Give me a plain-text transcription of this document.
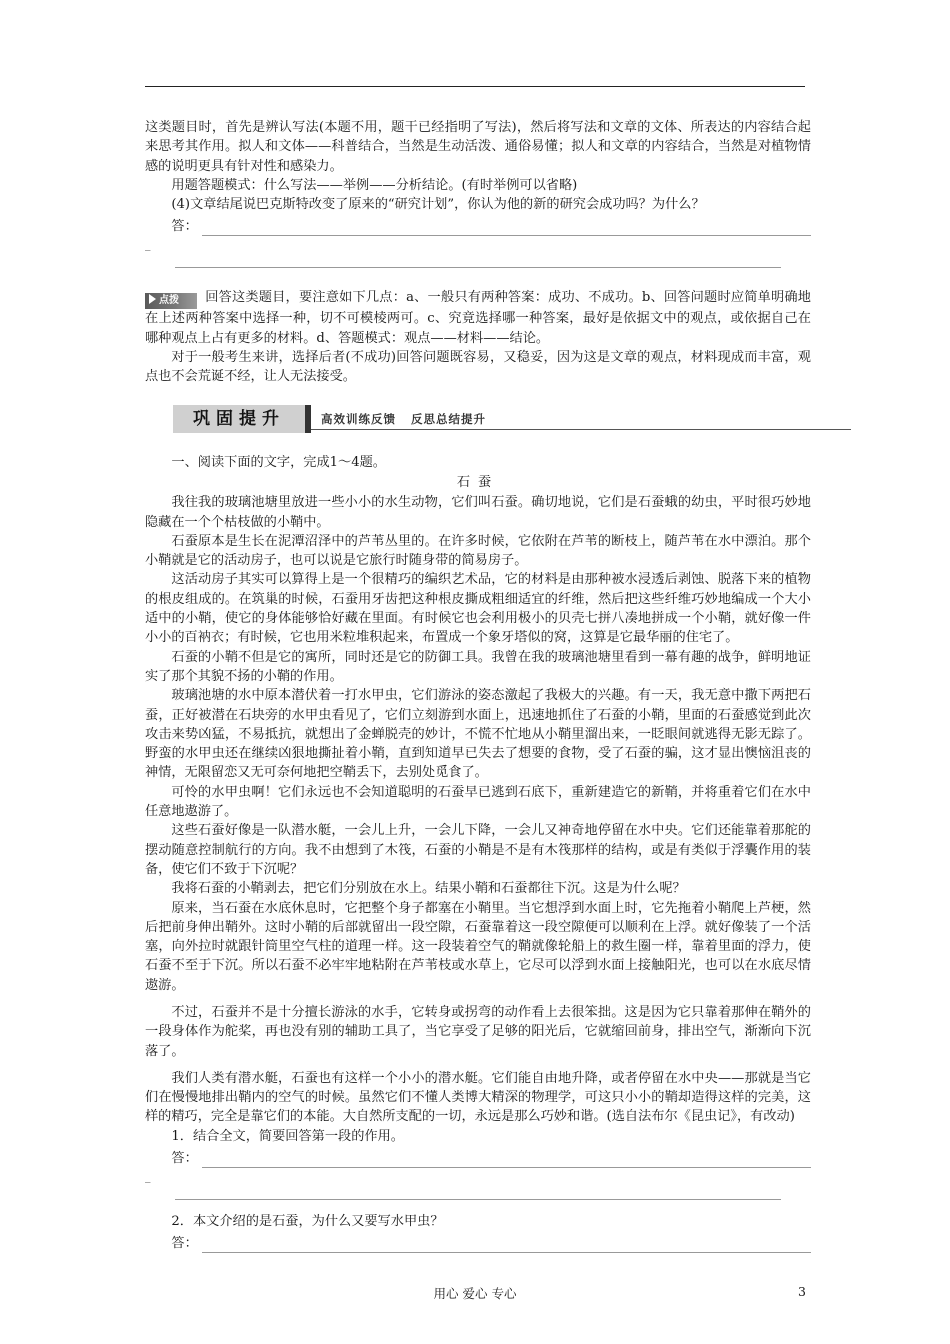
这类题目时，首先是辨认写法(本题不用，题干已经指明了写法)，然后将写法和文章的文体、所表达的内容结合起来思考其作用。拟人和文体——科普结合，当然是生动活泼、通俗易懂；拟人和文章的内容结合，当然是对植物情感的说明更具有针对性和感染力。

用题答题模式：什么写法——举例——分析结论。(有时举例可以省略)

(4)文章结尾说巴克斯特改变了原来的“研究计划”，你认为他的新的研究会成功吗？为什么？

答：
_

点拨 回答这类题目，要注意如下几点：a、一般只有两种答案：成功、不成功。b、回答问题时应简单明确地在上述两种答案中选择一种，切不可模棱两可。c、究竟选择哪一种答案，最好是依据文中的观点，或依据自己在哪种观点上占有更多的材料。d、答题模式：观点——材料——结论。

对于一般考生来讲，选择后者(不成功)回答问题既容易，又稳妥，因为这是文章的观点，材料现成而丰富，观点也不会荒诞不经，让人无法接受。

巩固提升	高效训练反馈 反思总结提升

一、阅读下面的文字，完成1～4题。

石蚕

我往我的玻璃池塘里放进一些小小的水生动物，它们叫石蚕。确切地说，它们是石蚕蛾的幼虫，平时很巧妙地隐藏在一个个枯枝做的小鞘中。

石蚕原本是生长在泥潭沼泽中的芦苇丛里的。在许多时候，它依附在芦苇的断枝上，随芦苇在水中漂泊。那个小鞘就是它的活动房子，也可以说是它旅行时随身带的简易房子。

这活动房子其实可以算得上是一个很精巧的编织艺术品，它的材料是由那种被水浸透后剥蚀、脱落下来的植物的根皮组成的。在筑巢的时候，石蚕用牙齿把这种根皮撕成粗细适宜的纤维，然后把这些纤维巧妙地编成一个大小适中的小鞘，使它的身体能够恰好藏在里面。有时候它也会利用极小的贝壳七拼八凑地拼成一个小鞘，就好像一件小小的百衲衣；有时候，它也用米粒堆积起来，布置成一个象牙塔似的窝，这算是它最华丽的住宅了。

石蚕的小鞘不但是它的寓所，同时还是它的防御工具。我曾在我的玻璃池塘里看到一幕有趣的战争，鲜明地证实了那个其貌不扬的小鞘的作用。

玻璃池塘的水中原本潜伏着一打水甲虫，它们游泳的姿态激起了我极大的兴趣。有一天，我无意中撒下两把石蚕，正好被潜在石块旁的水甲虫看见了，它们立刻游到水面上，迅速地抓住了石蚕的小鞘，里面的石蚕感觉到此次攻击来势凶猛，不易抵抗，就想出了金蝉脱壳的妙计，不慌不忙地从小鞘里溜出来，一眨眼间就逃得无影无踪了。野蛮的水甲虫还在继续凶狠地撕扯着小鞘，直到知道早已失去了想要的食物，受了石蚕的骗，这才显出懊恼沮丧的神情，无限留恋又无可奈何地把空鞘丢下，去别处觅食了。

可怜的水甲虫啊！它们永远也不会知道聪明的石蚕早已逃到石底下，重新建造它的新鞘，并将重着它们在水中任意地遨游了。

这些石蚕好像是一队潜水艇，一会儿上升，一会儿下降，一会儿又神奇地停留在水中央。它们还能靠着那舵的摆动随意控制航行的方向。我不由想到了木筏，石蚕的小鞘是不是有木筏那样的结构，或是有类似于浮囊作用的装备，使它们不致于下沉呢？

我将石蚕的小鞘剥去，把它们分别放在水上。结果小鞘和石蚕都往下沉。这是为什么呢？

原来，当石蚕在水底休息时，它把整个身子都塞在小鞘里。当它想浮到水面上时，它先拖着小鞘爬上芦梗，然后把前身伸出鞘外。这时小鞘的后部就留出一段空隙，石蚕靠着这一段空隙便可以顺利在上浮。就好像装了一个活塞，向外拉时就跟针筒里空气柱的道理一样。这一段装着空气的鞘就像轮船上的救生圈一样，靠着里面的浮力，使石蚕不至于下沉。所以石蚕不必牢牢地粘附在芦苇枝或水草上，它尽可以浮到水面上接触阳光，也可以在水底尽情遨游。

不过，石蚕并不是十分擅长游泳的水手，它转身或拐弯的动作看上去很笨拙。这是因为它只靠着那伸在鞘外的一段身体作为舵桨，再也没有别的辅助工具了，当它享受了足够的阳光后，它就缩回前身，排出空气，渐渐向下沉落了。

我们人类有潜水艇，石蚕也有这样一个小小的潜水艇。它们能自由地升降，或者停留在水中央——那就是当它们在慢慢地排出鞘内的空气的时候。虽然它们不懂人类博大精深的物理学，可这只小小的鞘却造得这样的完美，这样的精巧，完全是靠它们的本能。大自然所支配的一切，永远是那么巧妙和谐。(选自法布尔《昆虫记》，有改动)

1．结合全文，简要回答第一段的作用。

答：
_

2．本文介绍的是石蚕，为什么又要写水甲虫？

答：
用心 爱心 专心	3
